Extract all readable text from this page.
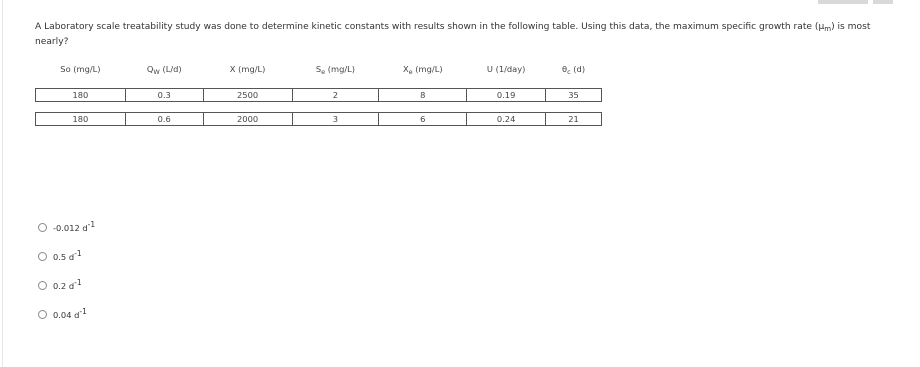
A Laboratory scale treatability study was done to determine kinetic constants with results shown in the following table. Using this data, the maximum specific growth rate $(\mu_m)$ is most nearly?
So (mg/L)	$Q_W$ (L/d)	X (mg/L)	$S_e$ (mg/L)	$X_e$ (mg/L)	U (1/day)	$\theta_c$ (d)

180	0.3	2500	2	8	0.19	35

180	0.6	2000	3	6	0.24	21
-0.012 $d^{-1}$
0.5 $d^{-1}$
0.2 $d^{-1}$
0.04 $d^{-1}$
